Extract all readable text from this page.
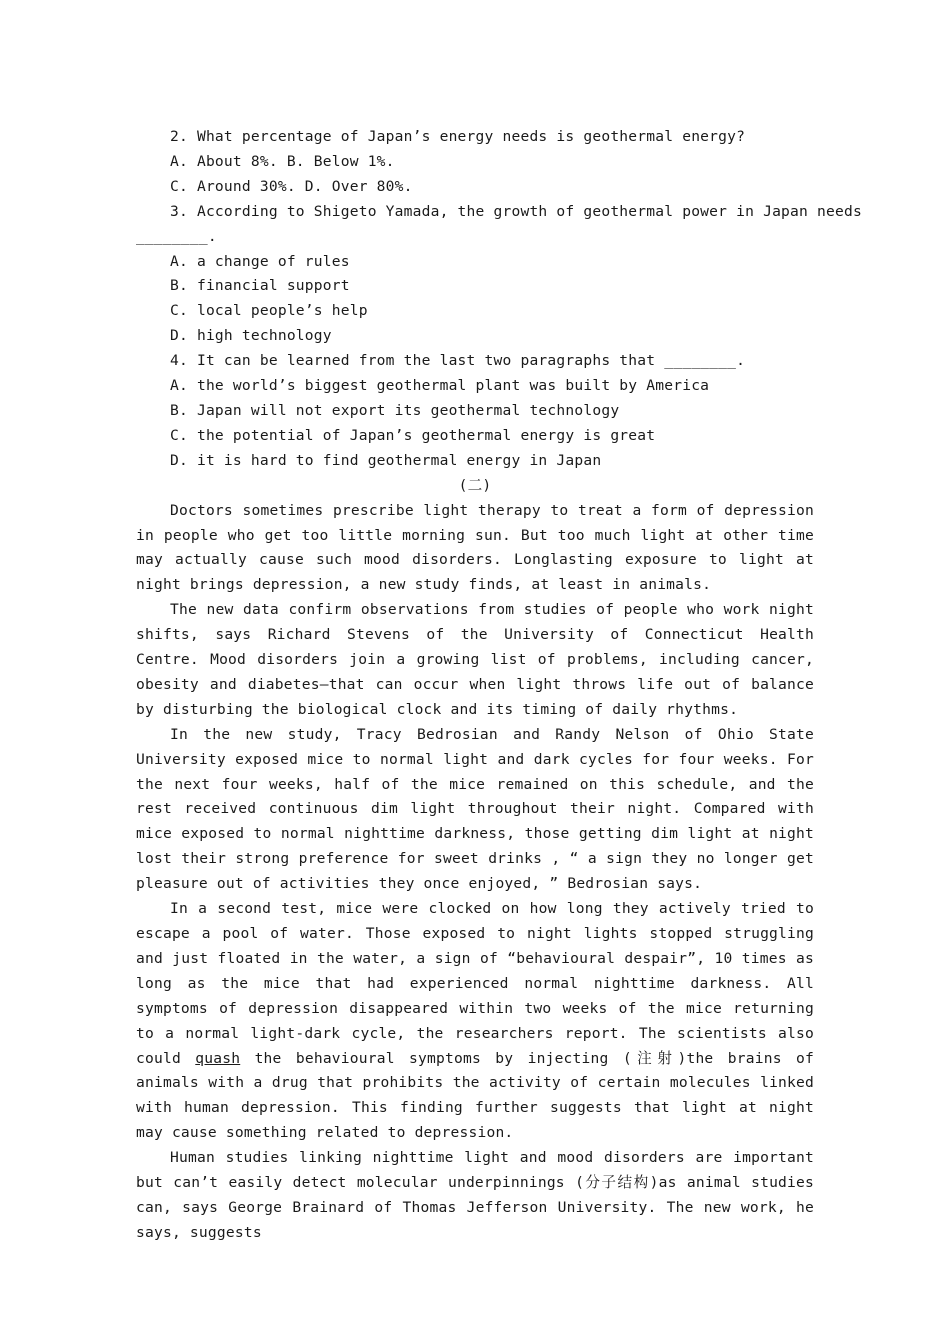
2. What percentage of Japan’s energy needs is geothermal energy?
A. About 8%. B. Below 1%.
C. Around 30%. D. Over 80%.
3. According to Shigeto Yamada, the growth of geothermal power in Japan needs
________.
A. a change of rules
B. financial support
C. local people’s help
D. high technology
4. It can be learned from the last two paragraphs that ________.
A. the world’s biggest geothermal plant was built by America
B. Japan will not export its geothermal technology
C. the potential of Japan’s geothermal energy is great
D. it is hard to find geothermal energy in Japan
(二)
Doctors sometimes prescribe light therapy to treat a form of depression in people who get too little morning sun. But too much light at other time may actually cause such mood disorders. Longlasting exposure to light at night brings depression, a new study finds, at least in animals.
The new data confirm observations from studies of people who work night shifts, says Richard Stevens of the University of Connecticut Health Centre. Mood disorders join a growing list of problems, including cancer, obesity and diabetes—that can occur when light throws life out of balance by disturbing the biological clock and its timing of daily rhythms.
In the new study, Tracy Bedrosian and Randy Nelson of Ohio State University exposed mice to normal light and dark cycles for four weeks. For the next four weeks, half of the mice remained on this schedule, and the rest received continuous dim light throughout their night. Compared with mice exposed to normal nighttime darkness, those getting dim light at night lost their strong preference for sweet drinks , “ a sign they no longer get pleasure out of activities they once enjoyed, ” Bedrosian says.
In a second test, mice were clocked on how long they actively tried to escape a pool of water. Those exposed to night lights stopped struggling and just floated in the water, a sign of “behavioural despair”, 10 times as long as the mice that had experienced normal nighttime darkness. All symptoms of depression disappeared within two weeks of the mice returning to a normal light-dark cycle, the researchers report. The scientists also could quash the behavioural symptoms by injecting (注射)the brains of animals with a drug that prohibits the activity of certain molecules linked with human depression. This finding further suggests that light at night may cause something related to depression.
Human studies linking nighttime light and mood disorders are important but can’t easily detect molecular underpinnings (分子结构)as animal studies can, says George Brainard of Thomas Jefferson University. The new work, he says, suggests
